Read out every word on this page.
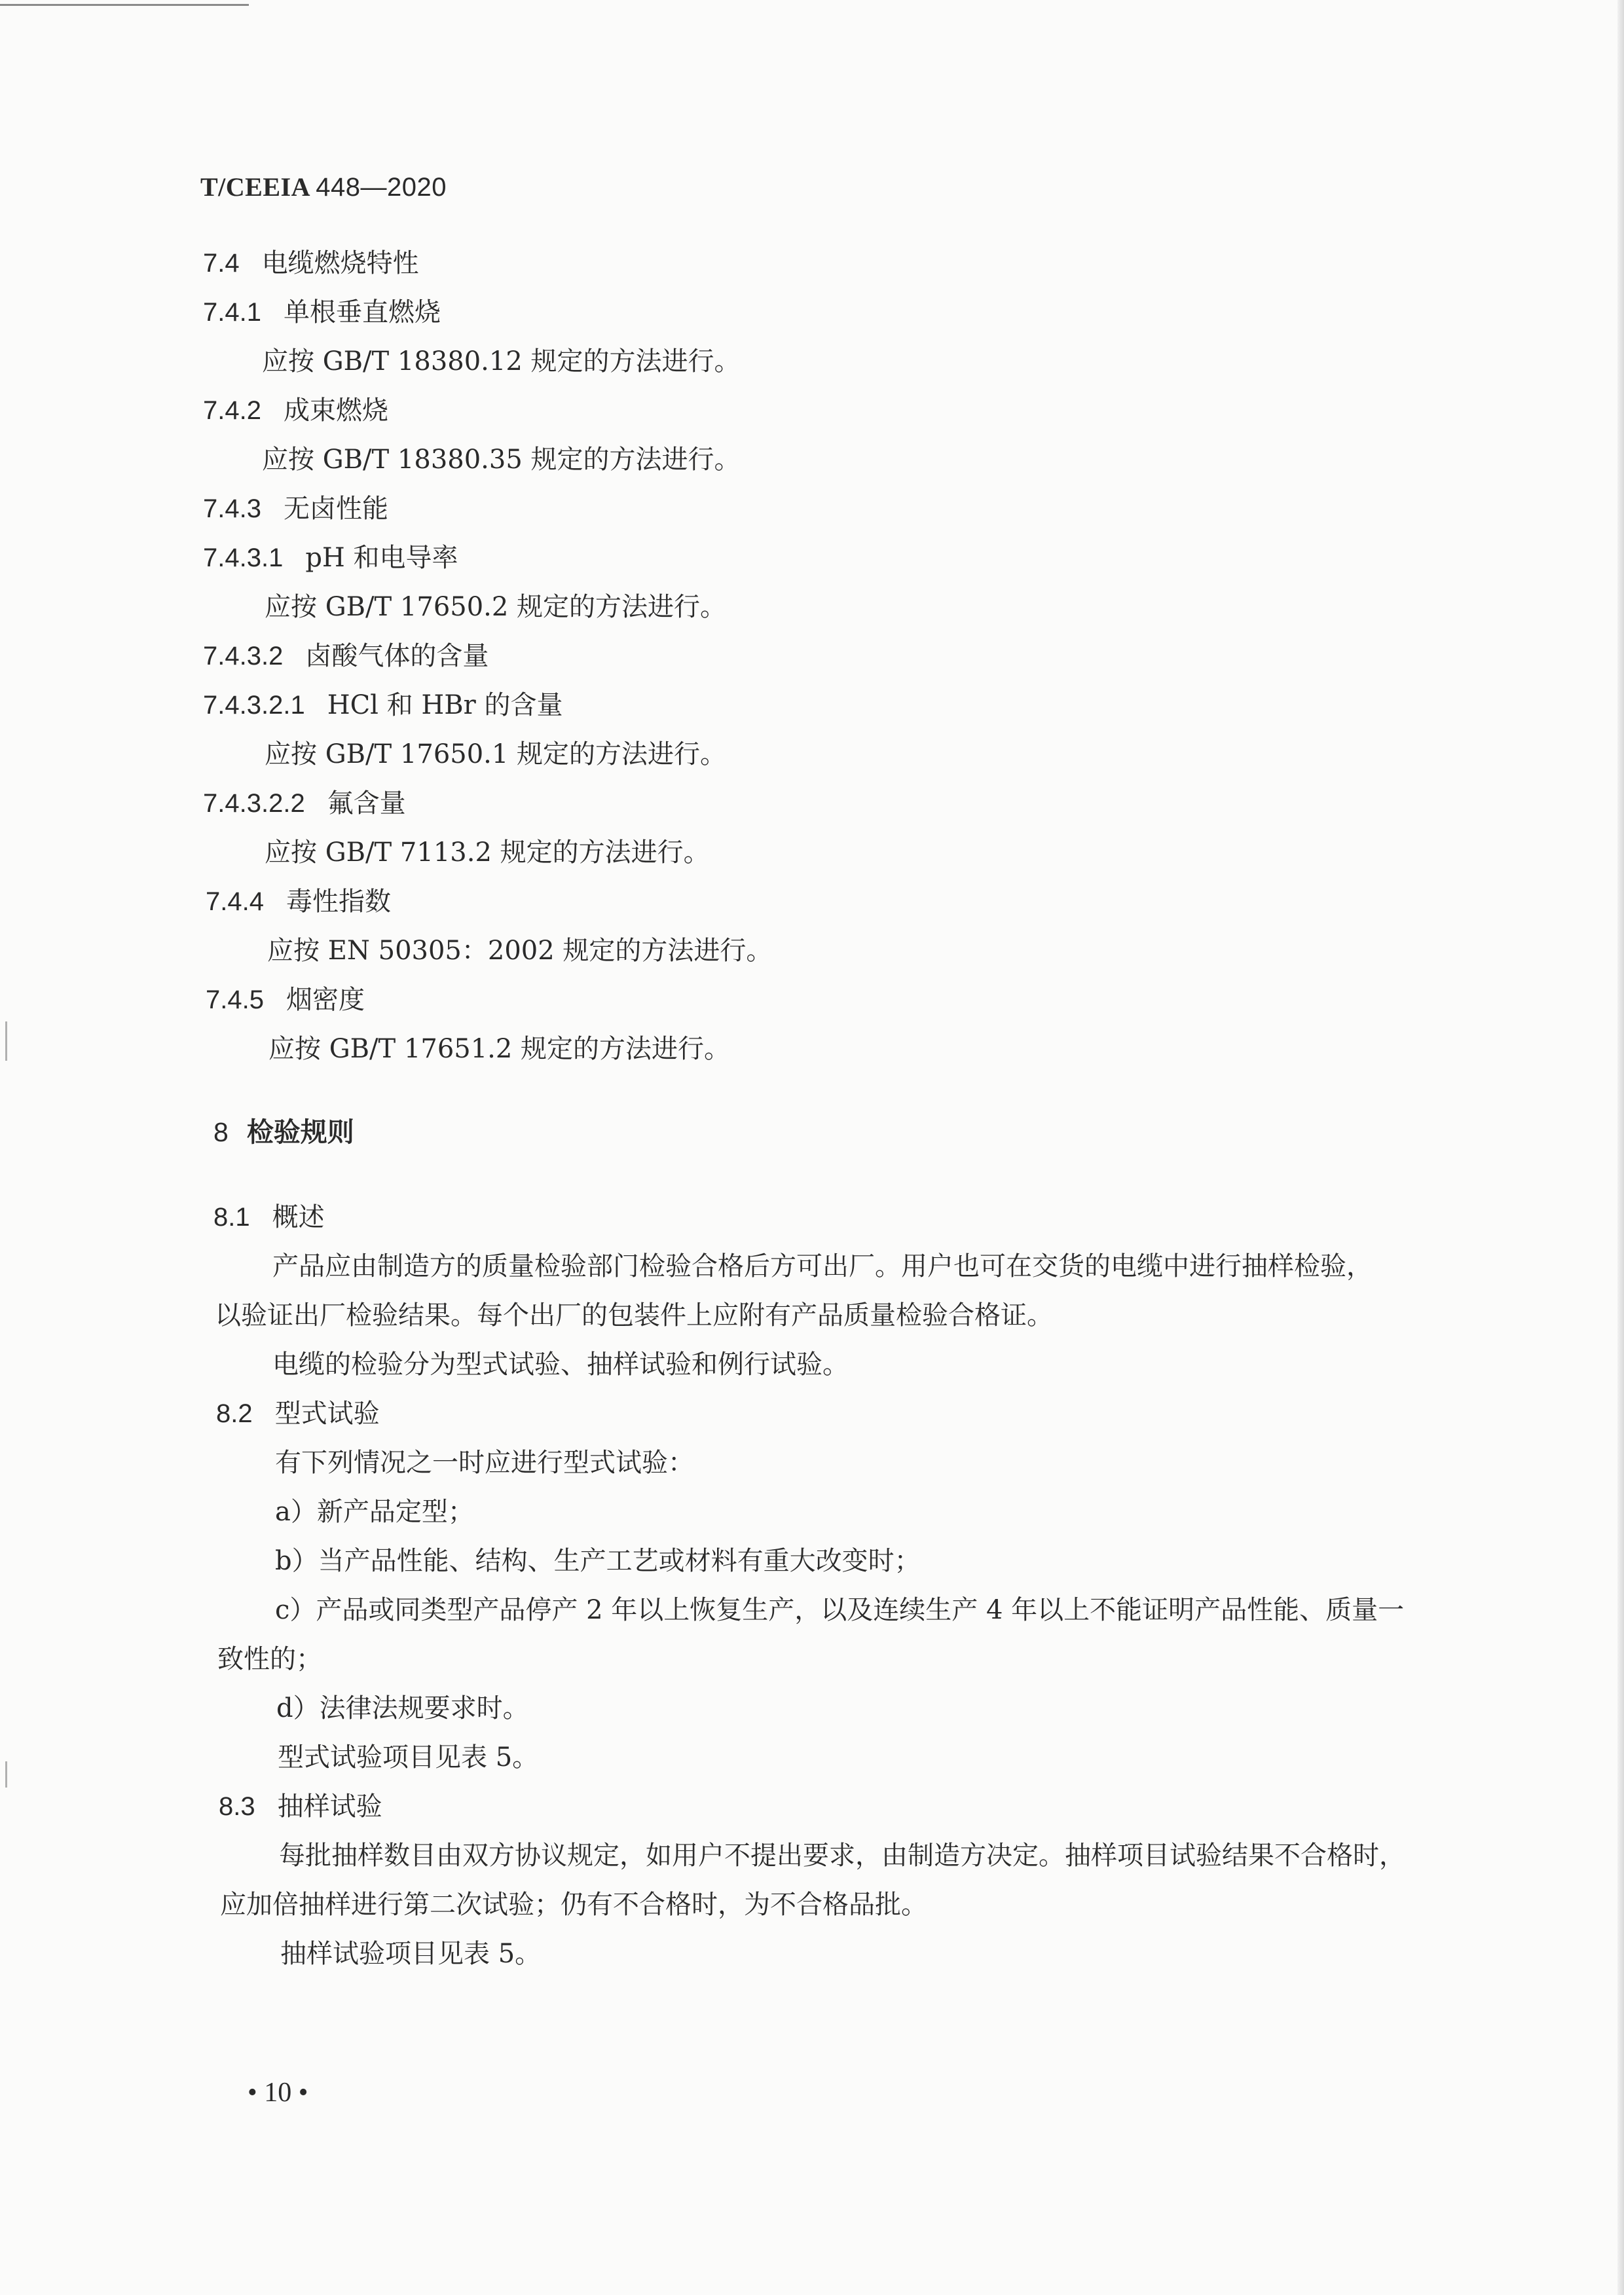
T/CEEIA 448—2020
7.4 电缆燃烧特性
7.4.1 单根垂直燃烧
应按 GB/T 18380.12 规定的方法进行。
7.4.2 成束燃烧
应按 GB/T 18380.35 规定的方法进行。
7.4.3 无卤性能
7.4.3.1 pH 和电导率
应按 GB/T 17650.2 规定的方法进行。
7.4.3.2 卤酸气体的含量
7.4.3.2.1 HCl 和 HBr 的含量
应按 GB/T 17650.1 规定的方法进行。
7.4.3.2.2 氟含量
应按 GB/T 7113.2 规定的方法进行。
7.4.4 毒性指数
应按 EN 50305：2002 规定的方法进行。
7.4.5 烟密度
应按 GB/T 17651.2 规定的方法进行。
8 检验规则
8.1 概述
产品应由制造方的质量检验部门检验合格后方可出厂。用户也可在交货的电缆中进行抽样检验，
以验证出厂检验结果。每个出厂的包装件上应附有产品质量检验合格证。
电缆的检验分为型式试验、抽样试验和例行试验。
8.2 型式试验
有下列情况之一时应进行型式试验：
a）新产品定型；
b）当产品性能、结构、生产工艺或材料有重大改变时；
c）产品或同类型产品停产 2 年以上恢复生产，以及连续生产 4 年以上不能证明产品性能、质量一
致性的；
d）法律法规要求时。
型式试验项目见表 5。
8.3 抽样试验
每批抽样数目由双方协议规定，如用户不提出要求，由制造方决定。抽样项目试验结果不合格时，
应加倍抽样进行第二次试验；仍有不合格时，为不合格品批。
抽样试验项目见表 5。
• 10 •
